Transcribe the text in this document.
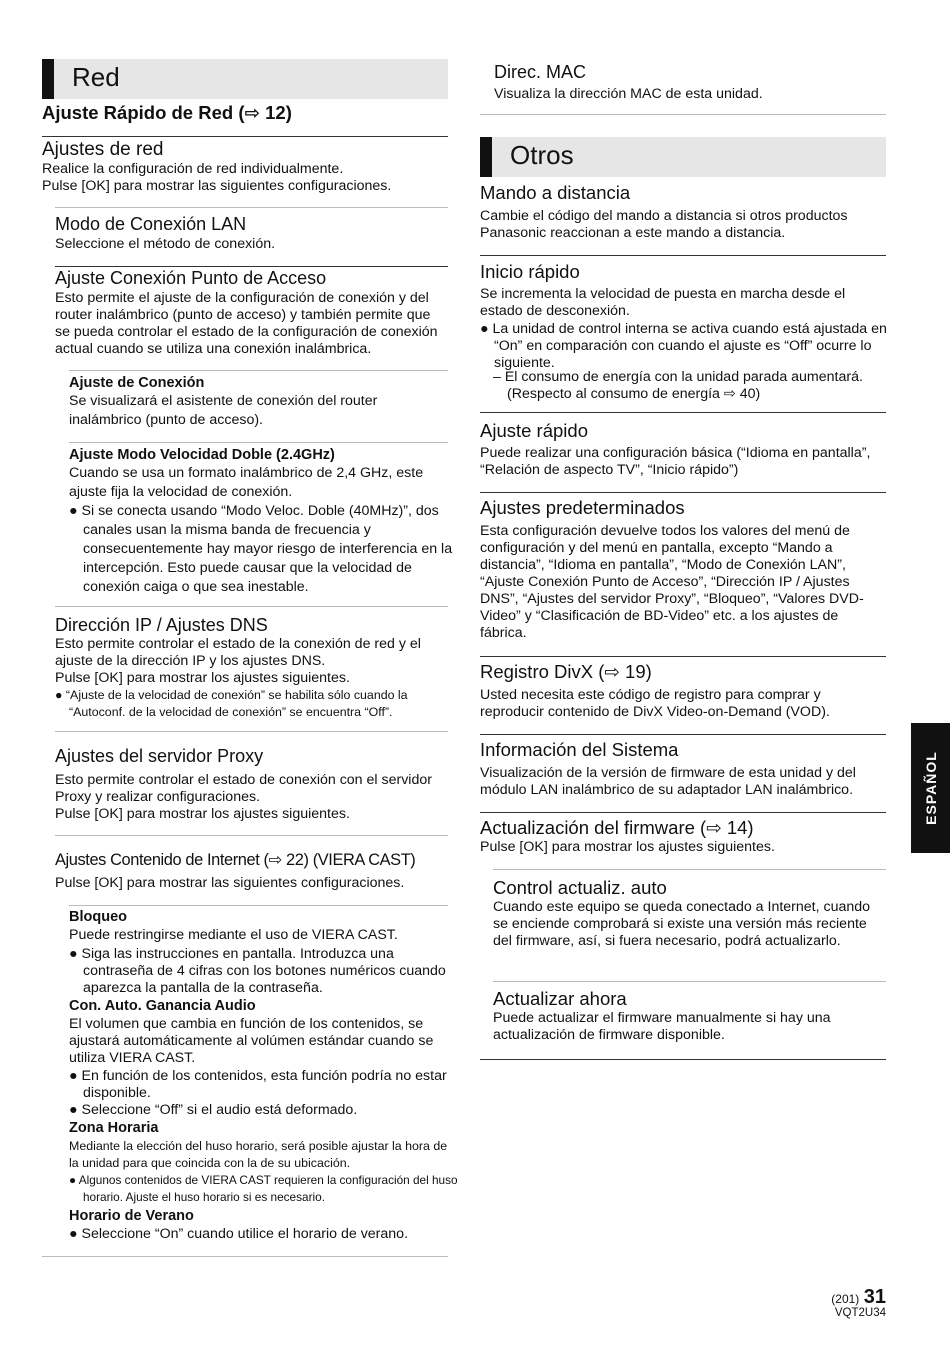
Red
Ajuste Rápido de Red (⇨ 12)
Ajustes de red
Realice la configuración de red individualmente.
Pulse [OK] para mostrar las siguientes configuraciones.
Modo de Conexión LAN
Seleccione el método de conexión.
Ajuste Conexión Punto de Acceso
Esto permite el ajuste de la configuración de conexión y del router inalámbrico (punto de acceso) y también permite que se pueda controlar el estado de la configuración de conexión actual cuando se utiliza una conexión inalámbrica.
Ajuste de Conexión
Se visualizará el asistente de conexión del router inalámbrico (punto de acceso).
Ajuste Modo Velocidad Doble (2.4GHz)
Cuando se usa un formato inalámbrico de 2,4 GHz, este ajuste fija la velocidad de conexión.
● Si se conecta usando “Modo Veloc. Doble (40MHz)”, dos canales usan la misma banda de frecuencia y consecuentemente hay mayor riesgo de interferencia en la intercepción. Esto puede causar que la velocidad de conexión caiga o que sea inestable.
Dirección IP / Ajustes DNS
Esto permite controlar el estado de la conexión de red y el ajuste de la dirección IP y los ajustes DNS.
Pulse [OK] para mostrar los ajustes siguientes.
● “Ajuste de la velocidad de conexión” se habilita sólo cuando la “Autoconf. de la velocidad de conexión” se encuentra “Off”.
Ajustes del servidor Proxy
Esto permite controlar el estado de conexión con el servidor Proxy y realizar configuraciones.
Pulse [OK] para mostrar los ajustes siguientes.
Ajustes Contenido de Internet (⇨ 22) (VIERA CAST)
Pulse [OK] para mostrar las siguientes configuraciones.
Bloqueo
Puede restringirse mediante el uso de VIERA CAST.
● Siga las instrucciones en pantalla. Introduzca una contraseña de 4 cifras con los botones numéricos cuando aparezca la pantalla de la contraseña.
Con. Auto. Ganancia Audio
El volumen que cambia en función de los contenidos, se ajustará automáticamente al volúmen estándar cuando se utiliza VIERA CAST.
● En función de los contenidos, esta función podría no estar disponible.
● Seleccione “Off” si el audio está deformado.
Zona Horaria
Mediante la elección del huso horario, será posible ajustar la hora de la unidad para que coincida con la de su ubicación.
● Algunos contenidos de VIERA CAST requieren la configuración del huso horario. Ajuste el huso horario si es necesario.
Horario de Verano
● Seleccione “On” cuando utilice el horario de verano.
Direc. MAC
Visualiza la dirección MAC de esta unidad.
Otros
Mando a distancia
Cambie el código del mando a distancia si otros productos Panasonic reaccionan a este mando a distancia.
Inicio rápido
Se incrementa la velocidad de puesta en marcha desde el estado de desconexión.
● La unidad de control interna se activa cuando está ajustada en “On” en comparación con cuando el ajuste es “Off” ocurre lo siguiente.
– El consumo de energía con la unidad parada aumentará. (Respecto al consumo de energía ⇨ 40)
Ajuste rápido
Puede realizar una configuración básica (“Idioma en pantalla”, “Relación de aspecto TV”, “Inicio rápido”)
Ajustes predeterminados
Esta configuración devuelve todos los valores del menú de configuración y del menú en pantalla, excepto “Mando a distancia”, “Idioma en pantalla”, “Modo de Conexión LAN”, “Ajuste Conexión Punto de Acceso”, “Dirección IP / Ajustes DNS”, “Ajustes del servidor Proxy”, “Bloqueo”, “Valores DVD-Video” y “Clasificación de BD-Video” etc. a los ajustes de fábrica.
Registro DivX (⇨ 19)
Usted necesita este código de registro para comprar y reproducir contenido de DivX Video-on-Demand (VOD).
Información del Sistema
Visualización de la versión de firmware de esta unidad y del módulo LAN inalámbrico de su adaptador LAN inalámbrico.
Actualización del firmware (⇨ 14)
Pulse [OK] para mostrar los ajustes siguientes.
Control actualiz. auto
Cuando este equipo se queda conectado a Internet, cuando se enciende comprobará si existe una versión más reciente del firmware, así, si fuera necesario, podrá actualizarlo.
Actualizar ahora
Puede actualizar el firmware manualmente si hay una actualización de firmware disponible.
ESPAÑOL
(201) 31
VQT2U34
